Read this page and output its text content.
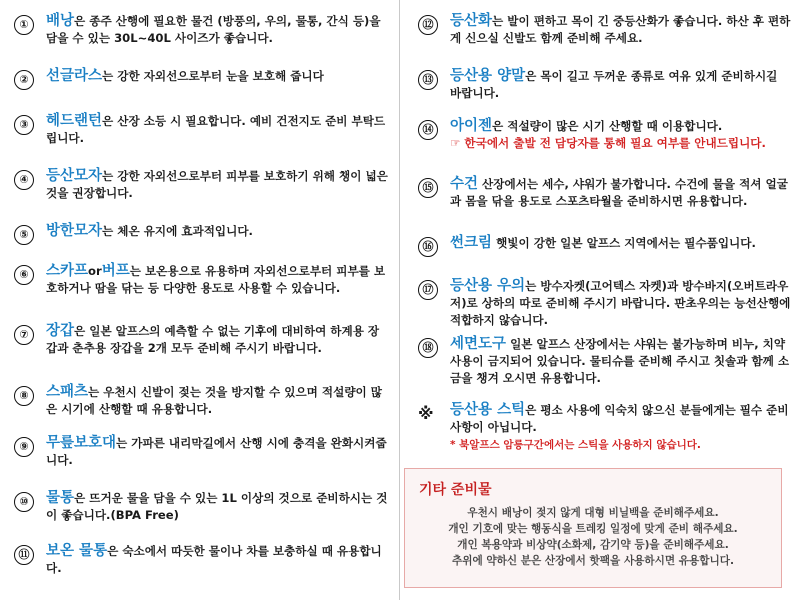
①	배낭은 종주 산행에 필요한 물건 (방풍의, 우의, 물통, 간식 등)을 담을 수 있는 30L~40L 사이즈가 좋습니다.
②	선글라스는 강한 자외선으로부터 눈을 보호해 줍니다
③	헤드랜턴은 산장 소등 시 필요합니다. 예비 건전지도 준비 부탁드립니다.
④	등산모자는 강한 자외선으로부터 피부를 보호하기 위해 챙이 넓은 것을 권장합니다.
⑤	방한모자는 체온 유지에 효과적입니다.
⑥	스카프or버프는 보온용으로 유용하며 자외선으로부터 피부를 보호하거나 땀을 닦는 등 다양한 용도로 사용할 수 있습니다.
⑦	장갑은 일본 알프스의 예측할 수 없는 기후에 대비하여 하계용 장갑과 춘추용 장갑을 2개 모두 준비해 주시기 바랍니다.
⑧	스패츠는 우천시 신발이 젖는 것을 방지할 수 있으며 적설량이 많은 시기에 산행할 때 유용합니다.
⑨	무릎보호대는 가파른 내리막길에서 산행 시에 충격을 완화시켜줍니다.
⑩	물통은 뜨거운 물을 담을 수 있는 1L 이상의 것으로 준비하시는 것이 좋습니다.(BPA Free)
⑪	보온 물통은 숙소에서 따듯한 물이나 차를 보충하실 때 유용합니다.
⑫	등산화는 발이 편하고 목이 긴 중등산화가 좋습니다. 하산 후 편하게 신으실 신발도 함께 준비해 주세요.
⑬	등산용 양말은 목이 길고 두꺼운 종류로 여유 있게 준비하시길 바랍니다.
⑭	아이젠은 적설량이 많은 시기 산행할 때 이용합니다.
☞ 한국에서 출발 전 담당자를 통해 필요 여부를 안내드립니다.
⑮	수건 산장에서는 세수, 샤워가 불가합니다. 수건에 물을 적셔 얼굴과 몸을 닦을 용도로 스포츠타월을 준비하시면 유용합니다.
⑯	썬크림 햇빛이 강한 일본 알프스 지역에서는 필수품입니다.
⑰	등산용 우의는 방수자켓(고어텍스 자켓)과 방수바지(오버트라우저)로 상하의 따로 준비해 주시기 바랍니다. 판초우의는 능선산행에 적합하지 않습니다.
⑱	세면도구 일본 알프스 산장에서는 샤워는 불가능하며 비누, 치약 사용이 금지되어 있습니다. 물티슈를 준비해 주시고 칫솔과 함께 소금을 챙겨 오시면 유용합니다.
※ 등산용 스틱은 평소 사용에 익숙치 않으신 분들에게는 필수 준비사항이 아닙니다.
* 북알프스 암릉구간에서는 스틱을 사용하지 않습니다.
기타 준비물
우천시 배낭이 젖지 않게 대형 비닐백을 준비해주세요.
개인 기호에 맞는 행동식을 트레킹 일정에 맞게 준비 해주세요.
개인 복용약과 비상약(소화제, 감기약 등)을 준비해주세요.
추위에 약하신 분은 산장에서 핫팩을 사용하시면 유용합니다.
